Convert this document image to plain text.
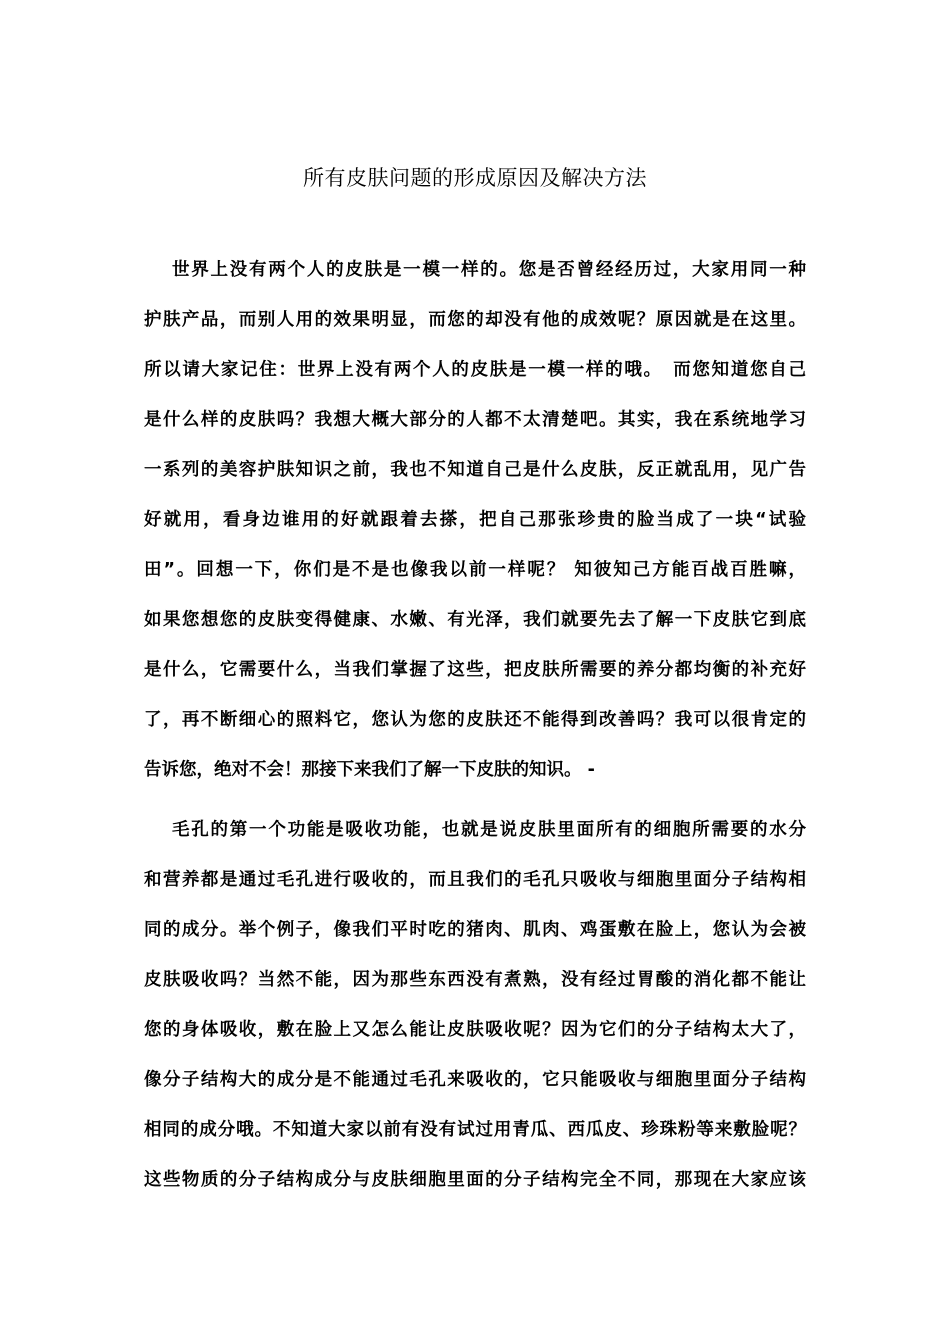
所有皮肤问题的形成原因及解决方法
世界上没有两个人的皮肤是一模一样的。您是否曾经经历过，大家用同一种
护肤产品，而别人用的效果明显，而您的却没有他的成效呢？原因就是在这里。
所以请大家记住：世界上没有两个人的皮肤是一模一样的哦。　而您知道您自己
是什么样的皮肤吗？我想大概大部分的人都不太清楚吧。其实，我在系统地学习
一系列的美容护肤知识之前，我也不知道自己是什么皮肤，反正就乱用，见广告
好就用，看身边谁用的好就跟着去搽，把自己那张珍贵的脸当成了一块“试验
田”。回想一下，你们是不是也像我以前一样呢？ 知彼知己方能百战百胜嘛，
如果您想您的皮肤变得健康、水嫩、有光泽，我们就要先去了解一下皮肤它到底
是什么，它需要什么，当我们掌握了这些，把皮肤所需要的养分都均衡的补充好
了，再不断细心的照料它，您认为您的皮肤还不能得到改善吗？我可以很肯定的
告诉您，绝对不会！那接下来我们了解一下皮肤的知识。 -
毛孔的第一个功能是吸收功能，也就是说皮肤里面所有的细胞所需要的水分
和营养都是通过毛孔进行吸收的，而且我们的毛孔只吸收与细胞里面分子结构相
同的成分。举个例子，像我们平时吃的猪肉、肌肉、鸡蛋敷在脸上，您认为会被
皮肤吸收吗？当然不能，因为那些东西没有煮熟，没有经过胃酸的消化都不能让
您的身体吸收，敷在脸上又怎么能让皮肤吸收呢？因为它们的分子结构太大了，
像分子结构大的成分是不能通过毛孔来吸收的，它只能吸收与细胞里面分子结构
相同的成分哦。不知道大家以前有没有试过用青瓜、西瓜皮、珍珠粉等来敷脸呢？
这些物质的分子结构成分与皮肤细胞里面的分子结构完全不同，那现在大家应该
